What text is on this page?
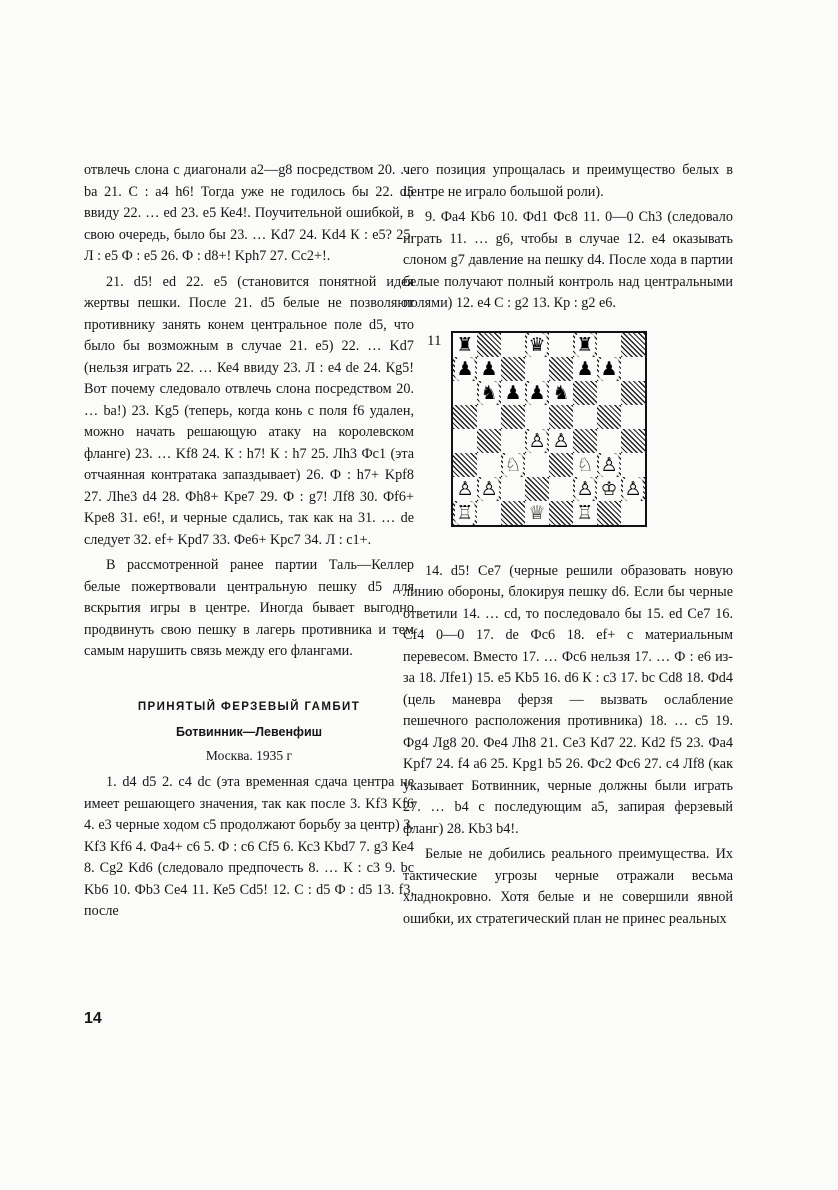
отвлечь слона с диагонали а2—g8 посредством 20. … bа 21. С : а4 h6! Тогда уже не годилось бы 22. d5 ввиду 22. … ed 23. е5 Ке4!. Поучительной ошибкой, в свою очередь, было бы 23. … Kd7 24. Kd4 К : е5? 25. Л : е5 Ф : е5 26. Ф : d8+! Kph7 27. Cc2+!.

21. d5! ed 22. е5 (становится понятной идея жертвы пешки. После 21. d5 белые не позволяют противнику занять конем центральное поле d5, что было бы возможным в случае 21. е5) 22. … Kd7 (нельзя играть 22. … Ке4 ввиду 23. Л : е4 de 24. Кg5! Вот почему следовало отвлечь слона посредством 20. … bа!) 23. Kg5 (теперь, когда конь с поля f6 удален, можно начать решающую атаку на королевском фланге) 23. … Kf8 24. К : h7! К : h7 25. Лh3 Фс1 (эта отчаянная контратака запаздывает) 26. Ф : h7+ Kpf8 27. Лhe3 d4 28. Фh8+ Kpe7 29. Ф : g7! Лf8 30. Фf6+ Kpe8 31. е6!, и черные сдались, так как на 31. … de следует 32. ef+ Kpd7 33. Фе6+ Kpc7 34. Л : с1+.

В рассмотренной ранее партии Таль—Келлер белые пожертвовали центральную пешку d5 для вскрытия игры в центре. Иногда бывает выгодно продвинуть свою пешку в лагерь противника и тем самым нарушить связь между его флангами.

ПРИНЯТЫЙ ФЕРЗЕВЫЙ ГАМБИТ
Ботвинник—Левенфиш
Москва. 1935 г

1. d4 d5 2. c4 dc (эта временная сдача центра не имеет решающего значения, так как после 3. Kf3 Kf6 4. е3 черные ходом с5 продолжают борьбу за центр) 3. Kf3 Kf6 4. Фа4+ с6 5. Ф : с6 Cf5 6. Кс3 Kbd7 7. g3 Ке4 8. Cg2 Kd6 (следовало предпочесть 8. … К : с3 9. bс Kb6 10. Фb3 Се4 11. Ке5 Cd5! 12. С : d5 Ф : d5 13. f3, после

чего позиция упрощалась и преимущество белых в центре не играло большой роли).

9. Фа4 Kb6 10. Фd1 Фс8 11. 0—0 Ch3 (следовало играть 11. … g6, чтобы в случае 12. е4 оказывать слоном g7 давление на пешку d4. После хода в партии белые получают полный контроль над центральными полями) 12. е4 С : g2 13. Кр : g2 е6.

11 ♜	♛ ♜
♟ ♟	♟ ♟
♞ ♟ ♟ ♞
♙ ♙
♘	♘ ♙
♙ ♙	♙ ♔ ♙
♖	♕ ♖

14. d5! Се7 (черные решили образовать новую линию обороны, блокируя пешку d6. Если бы черные ответили 14. … cd, то последовало бы 15. ed Се7 16. Cf4 0—0 17. dе Фс6 18. ef+ с материальным перевесом. Вместо 17. … Фс6 нельзя 17. … Ф : е6 из-за 18. Лfe1) 15. е5 Kb5 16. d6 К : с3 17. bc Cd8 18. Фd4 (цель маневра ферзя — вызвать ослабление пешечного расположения противника) 18. … с5 19. Фg4 Лg8 20. Фе4 Лh8 21. Се3 Kd7 22. Kd2 f5 23. Фа4 Kpf7 24. f4 а6 25. Kpg1 b5 26. Фс2 Фс6 27. с4 Лf8 (как указывает Ботвинник, черные должны были играть 27. … b4 с последующим а5, запирая ферзевый фланг) 28. Kb3 b4!.

Белые не добились реального преимущества. Их тактические угрозы черные отражали весьма хладнокровно. Хотя белые и не совершили явной ошибки, их стратегический план не принес реальных

14
